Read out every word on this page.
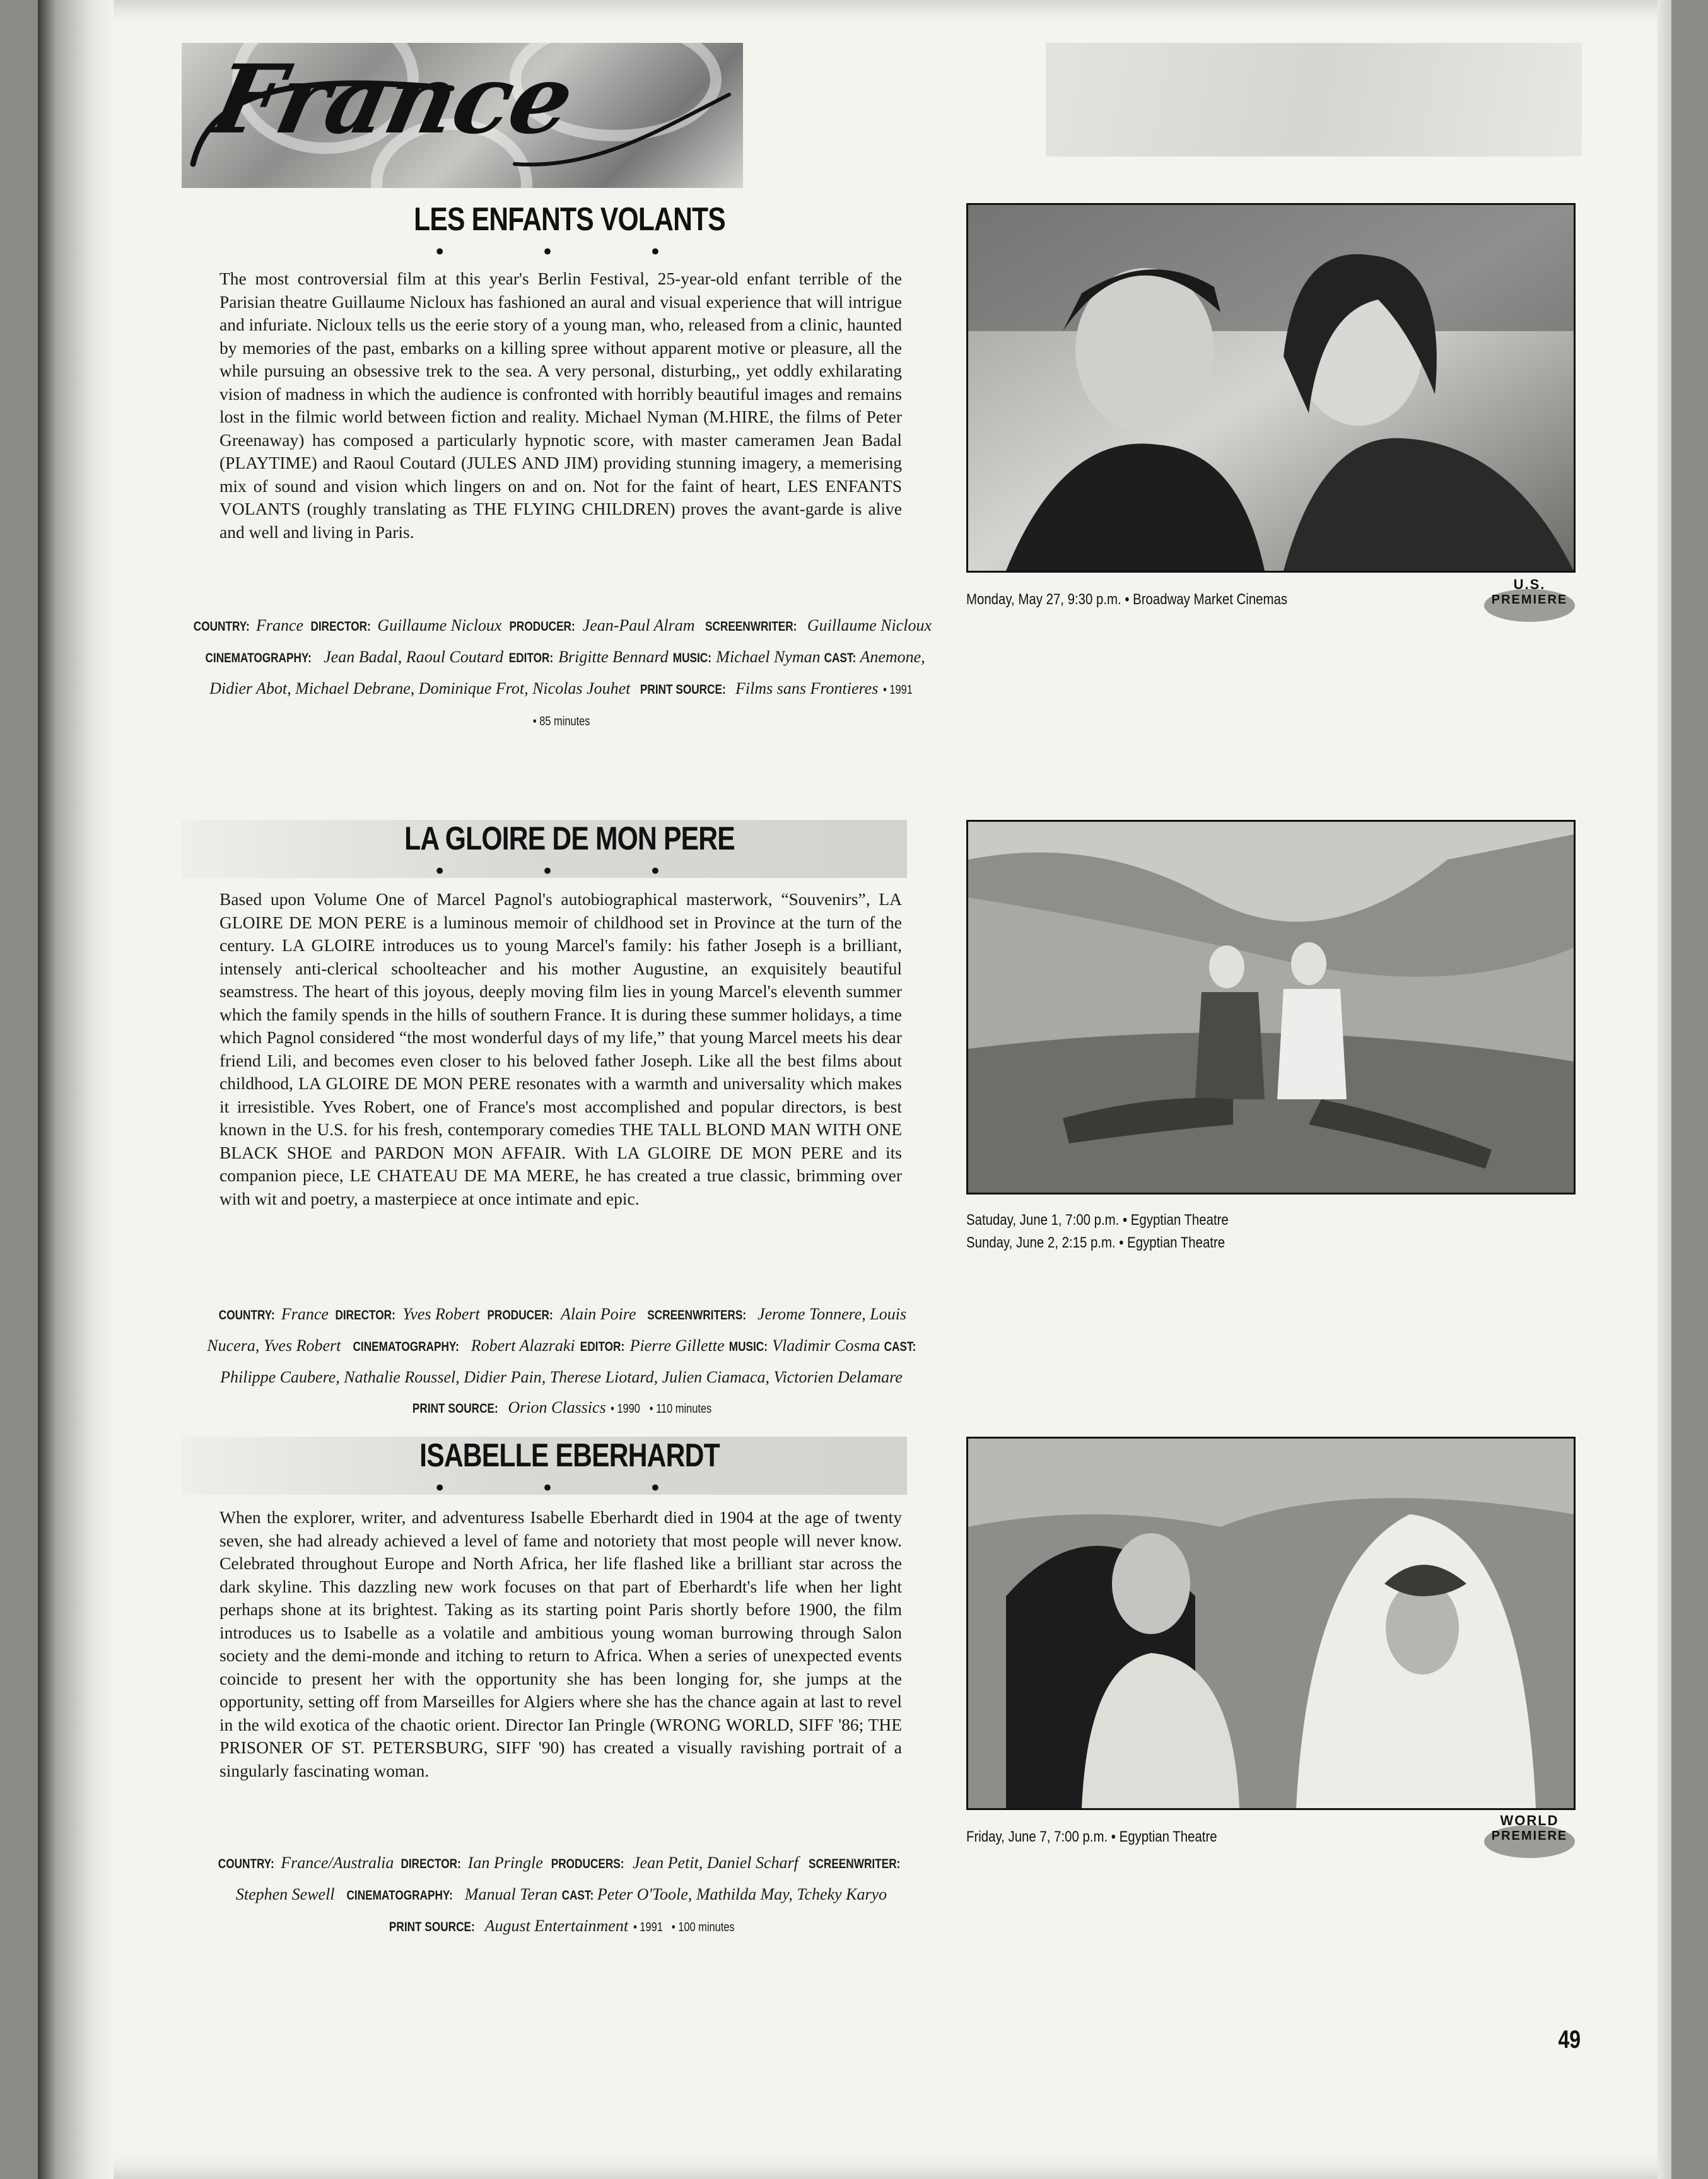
France
LES ENFANTS VOLANTS
• • •
The most controversial film at this year's Berlin Festival, 25-year-old enfant terrible of the Parisian theatre Guillaume Nicloux has fashioned an aural and visual experience that will intrigue and infuriate. Nicloux tells us the eerie story of a young man, who, released from a clinic, haunted by memories of the past, embarks on a killing spree without apparent motive or pleasure, all the while pursuing an obsessive trek to the sea. A very personal, disturbing,, yet oddly exhilarating vision of madness in which the audience is confronted with horribly beautiful images and remains lost in the filmic world between fiction and reality. Michael Nyman (M.HIRE, the films of Peter Greenaway) has composed a particularly hypnotic score, with master cameramen Jean Badal (PLAYTIME) and Raoul Coutard (JULES AND JIM) providing stunning imagery, a memerising mix of sound and vision which lingers on and on. Not for the faint of heart, LES ENFANTS VOLANTS (roughly translating as THE FLYING CHILDREN) proves the avant-garde is alive and well and living in Paris.
COUNTRY: France DIRECTOR: Guillaume Nicloux PRODUCER: Jean-Paul Alram SCREENWRITER: Guillaume Nicloux CINEMATOGRAPHY: Jean Badal, Raoul Coutard EDITOR: Brigitte Bennard MUSIC: Michael Nyman CAST: Anemone, Didier Abot, Michael Debrane, Dominique Frot, Nicolas Jouhet PRINT SOURCE: Films sans Frontieres • 1991 • 85 minutes
Monday, May 27, 9:30 p.m. • Broadway Market Cinemas
U.S.
PREMIERE
LA GLOIRE DE MON PERE
• • •
Based upon Volume One of Marcel Pagnol's autobiographical masterwork, “Souvenirs”, LA GLOIRE DE MON PERE is a luminous memoir of childhood set in Province at the turn of the century. LA GLOIRE introduces us to young Marcel's family: his father Joseph is a brilliant, intensely anti-clerical schoolteacher and his mother Augustine, an exquisitely beautiful seamstress. The heart of this joyous, deeply moving film lies in young Marcel's eleventh summer which the family spends in the hills of southern France. It is during these summer holidays, a time which Pagnol considered “the most wonderful days of my life,” that young Marcel meets his dear friend Lili, and becomes even closer to his beloved father Joseph. Like all the best films about childhood, LA GLOIRE DE MON PERE resonates with a warmth and universality which makes it irresistible. Yves Robert, one of France's most accomplished and popular directors, is best known in the U.S. for his fresh, contemporary comedies THE TALL BLOND MAN WITH ONE BLACK SHOE and PARDON MON AFFAIR. With LA GLOIRE DE MON PERE and its companion piece, LE CHATEAU DE MA MERE, he has created a true classic, brimming over with wit and poetry, a masterpiece at once intimate and epic.
COUNTRY: France DIRECTOR: Yves Robert PRODUCER: Alain Poire SCREENWRITERS: Jerome Tonnere, Louis Nucera, Yves Robert CINEMATOGRAPHY: Robert Alazraki EDITOR: Pierre Gillette MUSIC: Vladimir Cosma CAST: Philippe Caubere, Nathalie Roussel, Didier Pain, Therese Liotard, Julien Ciamaca, Victorien Delamare PRINT SOURCE: Orion Classics • 1990 • 110 minutes
Satuday, June 1, 7:00 p.m. • Egyptian Theatre
Sunday, June 2, 2:15 p.m. • Egyptian Theatre
ISABELLE EBERHARDT
• • •
When the explorer, writer, and adventuress Isabelle Eberhardt died in 1904 at the age of twenty seven, she had already achieved a level of fame and notoriety that most people will never know. Celebrated throughout Europe and North Africa, her life flashed like a brilliant star across the dark skyline. This dazzling new work focuses on that part of Eberhardt's life when her light perhaps shone at its brightest. Taking as its starting point Paris shortly before 1900, the film introduces us to Isabelle as a volatile and ambitious young woman burrowing through Salon society and the demi-monde and itching to return to Africa. When a series of unexpected events coincide to present her with the opportunity she has been longing for, she jumps at the opportunity, setting off from Marseilles for Algiers where she has the chance again at last to revel in the wild exotica of the chaotic orient. Director Ian Pringle (WRONG WORLD, SIFF '86; THE PRISONER OF ST. PETERSBURG, SIFF '90) has created a visually ravishing portrait of a singularly fascinating woman.
COUNTRY: France/Australia DIRECTOR: Ian Pringle PRODUCERS: Jean Petit, Daniel Scharf SCREENWRITER: Stephen Sewell CINEMATOGRAPHY: Manual Teran CAST: Peter O'Toole, Mathilda May, Tcheky Karyo PRINT SOURCE: August Entertainment • 1991 • 100 minutes
Friday, June 7, 7:00 p.m. • Egyptian Theatre
WORLD
PREMIERE
49
